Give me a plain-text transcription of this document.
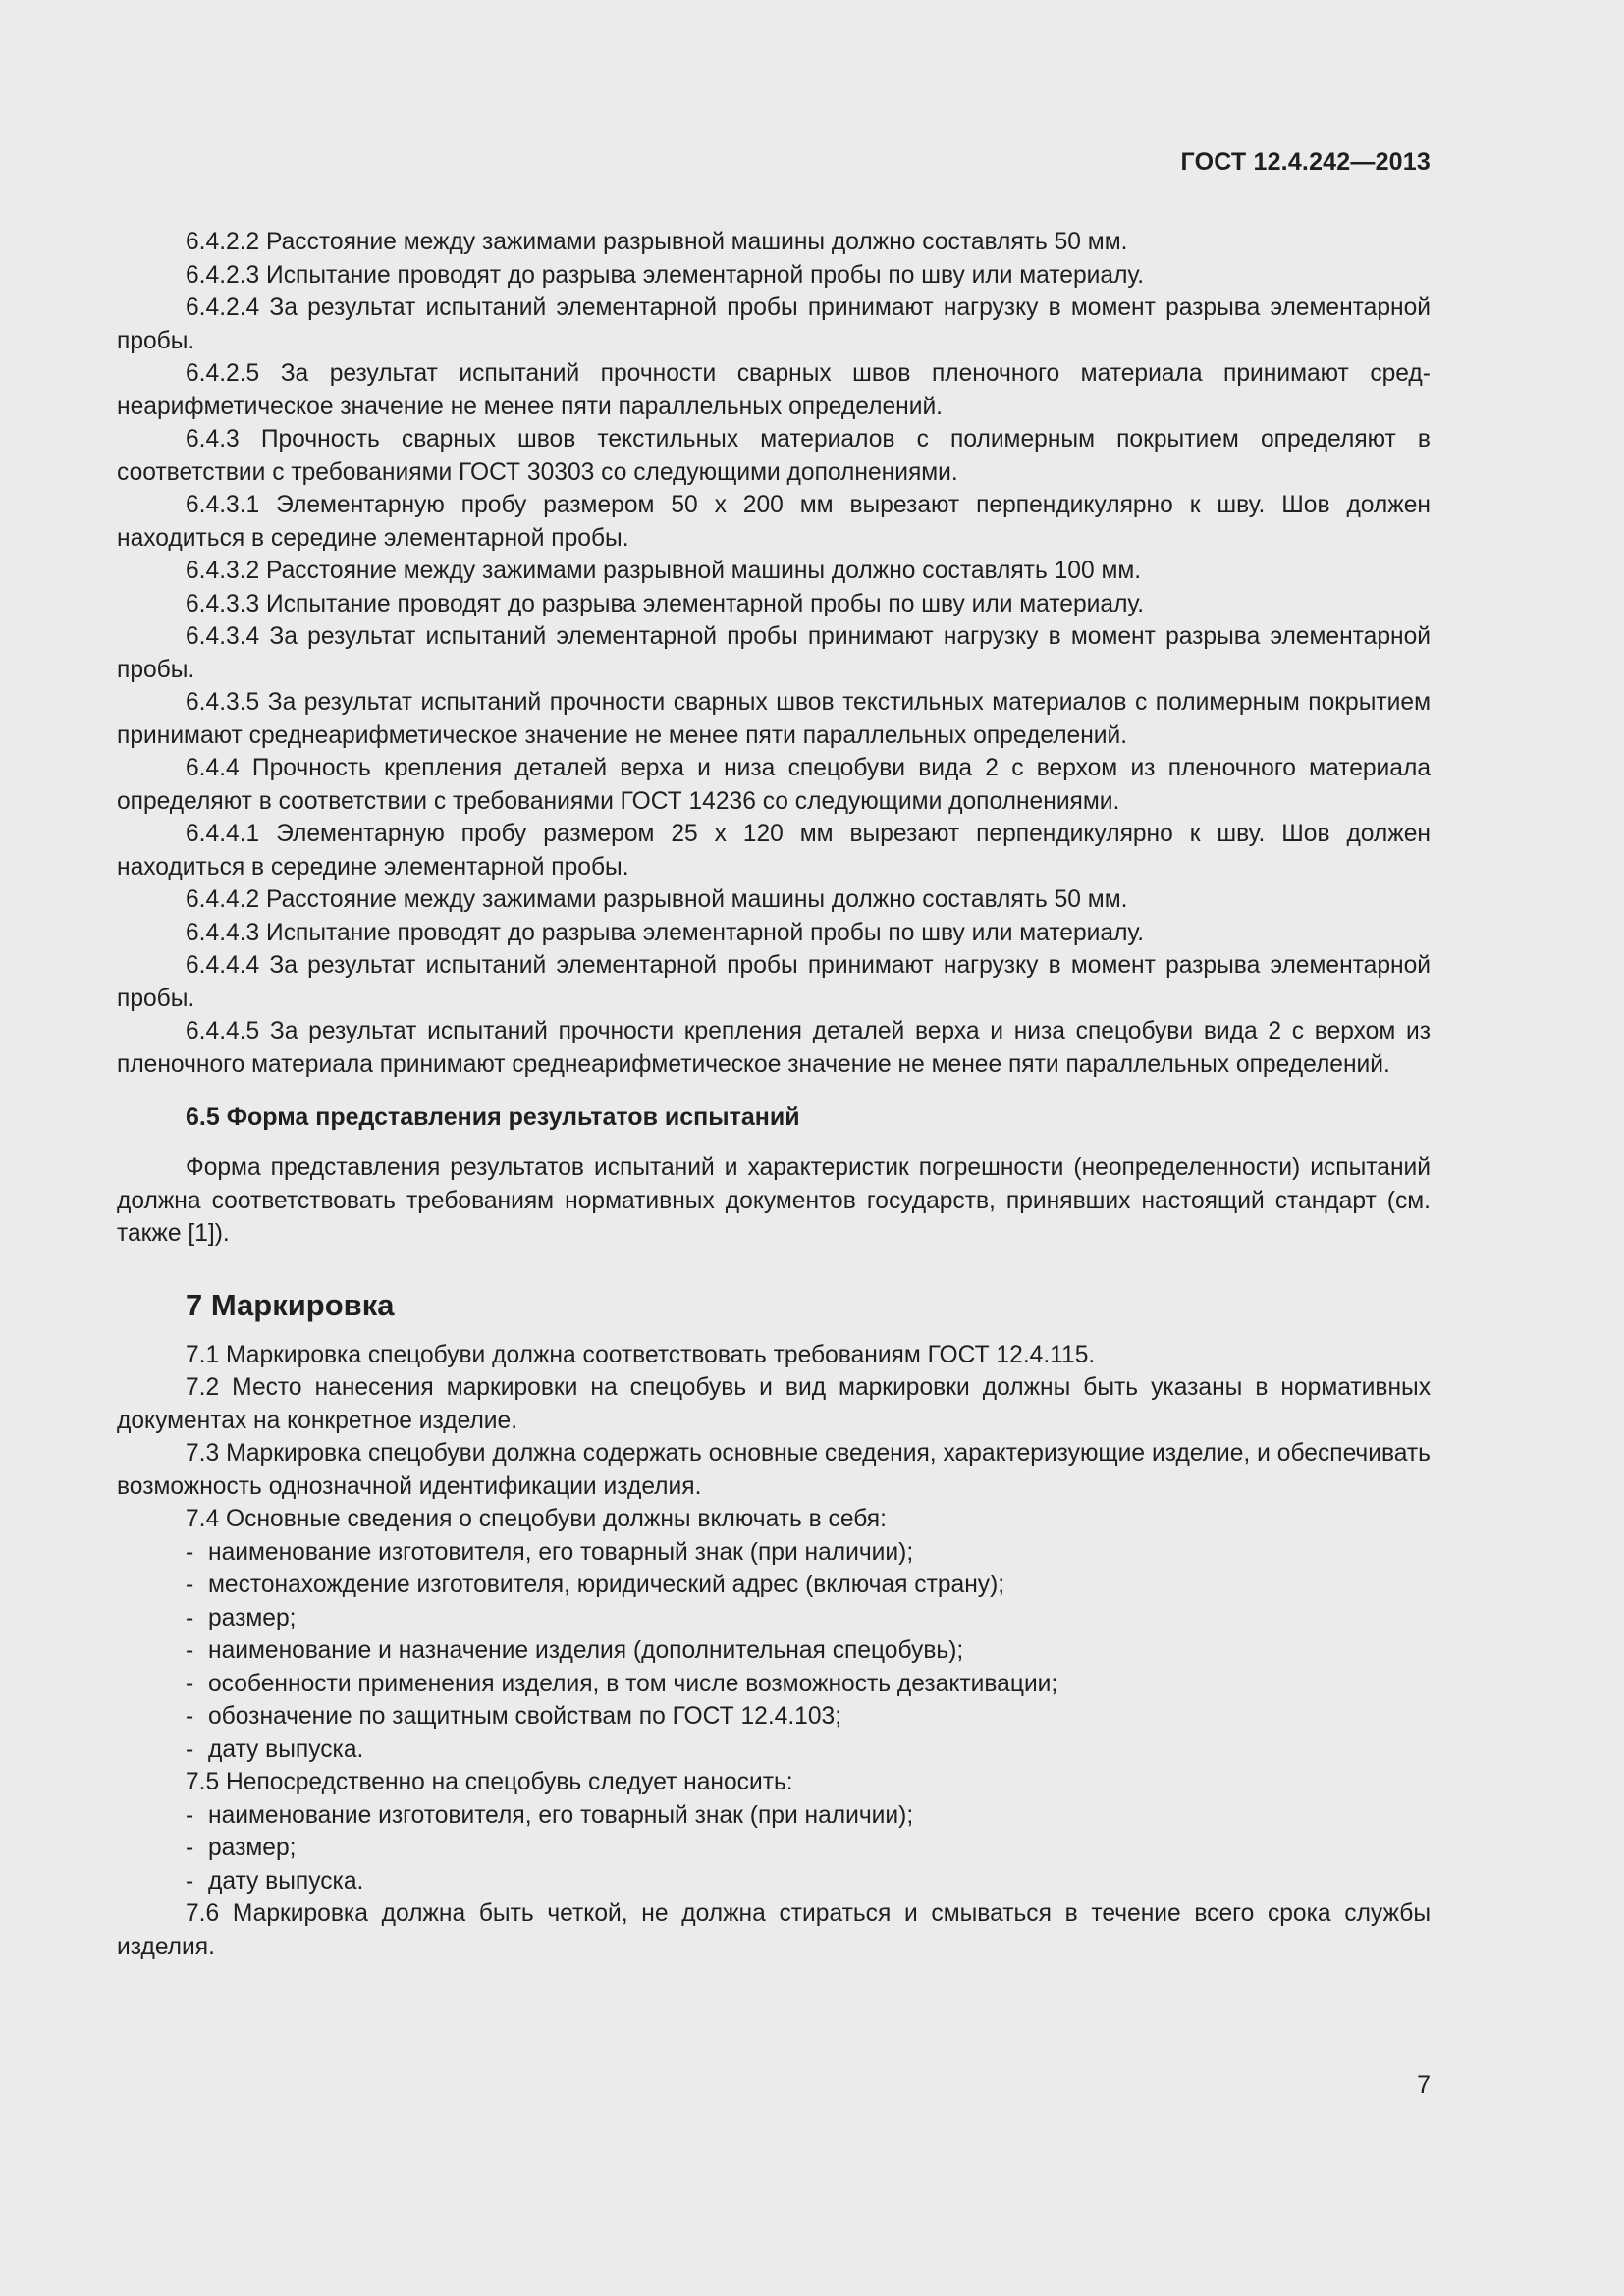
ГОСТ 12.4.242—2013

6.4.2.2 Расстояние между зажимами разрывной машины должно составлять 50 мм.

6.4.2.3 Испытание проводят до разрыва элементарной пробы по шву или материалу.

6.4.2.4 За результат испытаний элементарной пробы принимают нагрузку в момент разрыва элементарной пробы.

6.4.2.5 За результат испытаний прочности сварных швов пленочного материала принимают среднеарифметическое значение не менее пяти параллельных определений.

6.4.3 Прочность сварных швов текстильных материалов с полимерным покрытием определяют в соответствии с требованиями ГОСТ 30303 со следующими дополнениями.

6.4.3.1 Элементарную пробу размером 50 x 200 мм вырезают перпендикулярно к шву. Шов должен находиться в середине элементарной пробы.

6.4.3.2 Расстояние между зажимами разрывной машины должно составлять 100 мм.

6.4.3.3 Испытание проводят до разрыва элементарной пробы по шву или материалу.

6.4.3.4 За результат испытаний элементарной пробы принимают нагрузку в момент разрыва элементарной пробы.

6.4.3.5 За результат испытаний прочности сварных швов текстильных материалов с полимерным покрытием принимают среднеарифметическое значение не менее пяти параллельных определений.

6.4.4 Прочность крепления деталей верха и низа спецобуви вида 2 с верхом из пленочного материала определяют в соответствии с требованиями ГОСТ 14236 со следующими дополнениями.

6.4.4.1 Элементарную пробу размером 25 x 120 мм вырезают перпендикулярно к шву. Шов должен находиться в середине элементарной пробы.

6.4.4.2 Расстояние между зажимами разрывной машины должно составлять 50 мм.

6.4.4.3 Испытание проводят до разрыва элементарной пробы по шву или материалу.

6.4.4.4 За результат испытаний элементарной пробы принимают нагрузку в момент разрыва элементарной пробы.

6.4.4.5 За результат испытаний прочности крепления деталей верха и низа спецобуви вида 2 с верхом из пленочного материала принимают среднеарифметическое значение не менее пяти параллельных определений.

6.5 Форма представления результатов испытаний

Форма представления результатов испытаний и характеристик погрешности (неопределенности) испытаний должна соответствовать требованиям нормативных документов государств, принявших настоящий стандарт (см. также [1]).

7 Маркировка

7.1 Маркировка спецобуви должна соответствовать требованиям ГОСТ 12.4.115.

7.2 Место нанесения маркировки на спецобувь и вид маркировки должны быть указаны в нормативных документах на конкретное изделие.

7.3 Маркировка спецобуви должна содержать основные сведения, характеризующие изделие, и обеспечивать возможность однозначной идентификации изделия.

7.4 Основные сведения о спецобуви должны включать в себя:

- наименование изготовителя, его товарный знак (при наличии);
- местонахождение изготовителя, юридический адрес (включая страну);
- размер;
- наименование и назначение изделия (дополнительная спецобувь);
- особенности применения изделия, в том числе возможность дезактивации;
- обозначение по защитным свойствам по ГОСТ 12.4.103;
- дату выпуска.

7.5 Непосредственно на спецобувь следует наносить:

- наименование изготовителя, его товарный знак (при наличии);
- размер;
- дату выпуска.

7.6 Маркировка должна быть четкой, не должна стираться и смываться в течение всего срока службы изделия.

7
